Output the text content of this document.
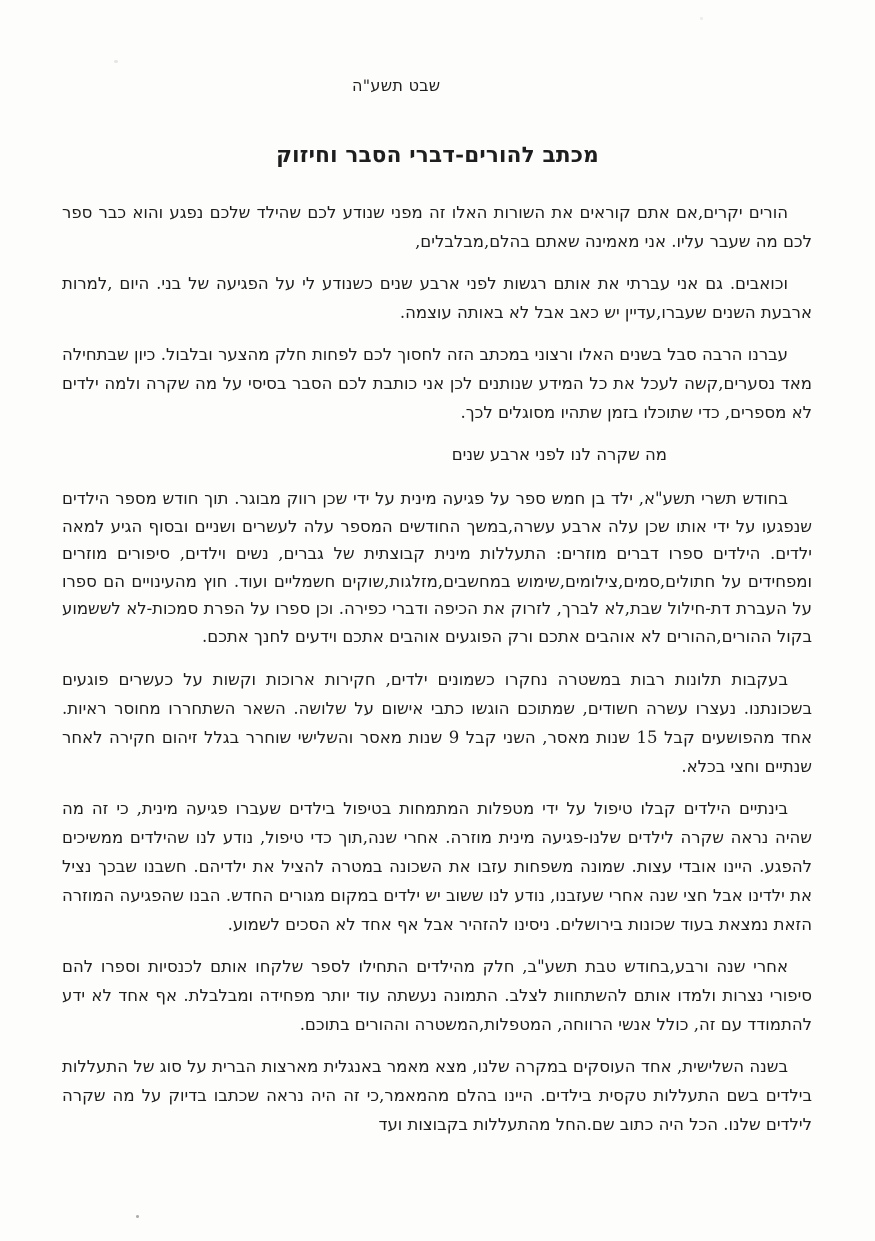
שבט תשע"ה
מכתב להורים-דברי הסבר וחיזוק

הורים יקרים,אם אתם קוראים את השורות האלו זה מפני שנודע לכם שהילד שלכם נפגע והוא כבר ספר לכם מה שעבר עליו. אני מאמינה שאתם בהלם,מבלבלים,

וכואבים. גם אני עברתי את אותם רגשות לפני ארבע שנים כשנודע לי על הפגיעה של בני. היום ,למרות ארבעת השנים שעברו,עדיין יש כאב אבל לא באותה עוצמה.

עברנו הרבה סבל בשנים האלו ורצוני במכתב הזה לחסוך לכם לפחות חלק מהצער ובלבול. כיון שבתחילה מאד נסערים,קשה לעכל את כל המידע שנותנים לכן אני כותבת לכם הסבר בסיסי על מה שקרה ולמה ילדים לא מספרים, כדי שתוכלו בזמן שתהיו מסוגלים לכך.

מה שקרה לנו לפני ארבע שנים

בחודש תשרי תשע"א, ילד בן חמש ספר על פגיעה מינית על ידי שכן רווק מבוגר. תוך חודש מספר הילדים שנפגעו על ידי אותו שכן עלה ארבע עשרה,במשך החודשים המספר עלה לעשרים ושניים ובסוף הגיע למאה ילדים. הילדים ספרו דברים מוזרים: התעללות מינית קבוצתית של גברים, נשים וילדים, סיפורים מוזרים ומפחידים על חתולים,סמים,צילומים,שימוש במחשבים,מזלגות,שוקים חשמליים ועוד. חוץ מהעינויים הם ספרו על העברת דת-חילול שבת,לא לברך, לזרוק את הכיפה ודברי כפירה. וכן ספרו על הפרת סמכות-לא לששמוע בקול ההורים,ההורים לא אוהבים אתכם ורק הפוגעים אוהבים אתכם וידעים לחנך אתכם.

בעקבות תלונות רבות במשטרה נחקרו כשמונים ילדים, חקירות ארוכות וקשות על כעשרים פוגעים בשכונתנו. נעצרו עשרה חשודים, שמתוכם הוגשו כתבי אישום על שלושה. השאר השתחררו מחוסר ראיות. אחד מהפושעים קבל 15 שנות מאסר, השני קבל 9 שנות מאסר והשלישי שוחרר בגלל זיהום חקירה לאחר שנתיים וחצי בכלא.

בינתיים הילדים קבלו טיפול על ידי מטפלות המתמחות בטיפול בילדים שעברו פגיעה מינית, כי זה מה שהיה נראה שקרה לילדים שלנו-פגיעה מינית מוזרה. אחרי שנה,תוך כדי טיפול, נודע לנו שהילדים ממשיכים להפגע. היינו אובדי עצות. שמונה משפחות עזבו את השכונה במטרה להציל את ילדיהם. חשבנו שבכך נציל את ילדינו אבל חצי שנה אחרי שעזבנו, נודע לנו ששוב יש ילדים במקום מגורים החדש. הבנו שהפגיעה המוזרה הזאת נמצאת בעוד שכונות בירושלים. ניסינו להזהיר אבל אף אחד לא הסכים לשמוע.

אחרי שנה ורבע,בחודש טבת תשע"ב, חלק מהילדים התחילו לספר שלקחו אותם לכנסיות וספרו להם סיפורי נצרות ולמדו אותם להשתחוות לצלב. התמונה נעשתה עוד יותר מפחידה ומבלבלת. אף אחד לא ידע להתמודד עם זה, כולל אנשי הרווחה, המטפלות,המשטרה וההורים בתוכם.

בשנה השלישית, אחד העוסקים במקרה שלנו, מצא מאמר באנגלית מארצות הברית על סוג של התעללות בילדים בשם התעללות טקסית בילדים. היינו בהלם מהמאמר,כי זה היה נראה שכתבו בדיוק על מה שקרה לילדים שלנו. הכל היה כתוב שם.החל מהתעללות בקבוצות ועד
